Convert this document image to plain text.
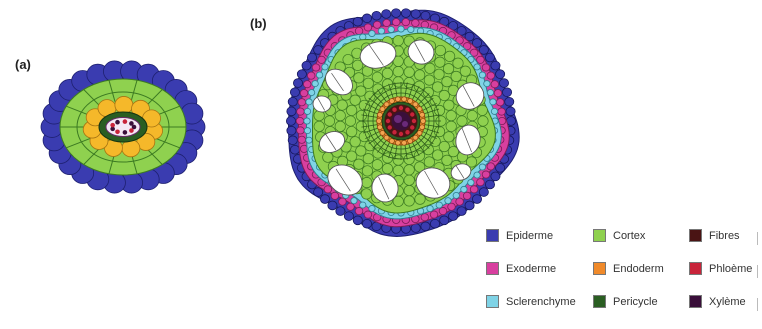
(a)
(b)
Epiderme
Exoderme
Sclerenchyme
Cortex
Endoderm
Pericycle
Fibres
Phloème
Xylème
